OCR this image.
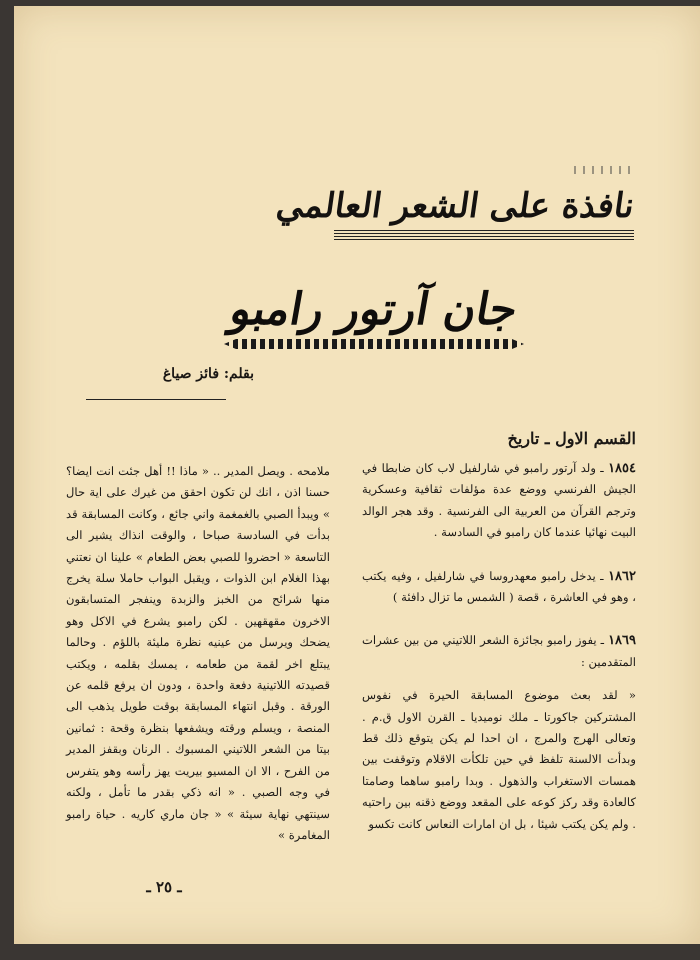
نافذة على الشعر العالمي
جان آرتور رامبو
بقلم: فائز صياغ

القسم الاول ـ تاريخ

١٨٥٤ ـ ولد آرتور رامبو في شارلفيل لاب كان ضابطا في الجيش الفرنسي ووضع عدة مؤلفات ثقافية وعسكرية وترجم القرآن من العربية الى الفرنسية . وقد هجر الوالد البيت نهائيا عندما كان رامبو في السادسة .

١٨٦٢ ـ يدخل رامبو معهدروسا في شارلفيل ، وفيه يكتب ، وهو في العاشرة ، قصة ( الشمس ما تزال دافئة )

١٨٦٩ ـ يفوز رامبو بجائزة الشعر اللاتيني من بين عشرات المتقدمين :

« لقد بعث موضوع المسابقة الحيرة في نفوس المشتركين جاكورتا ـ ملك نوميديا ـ القرن الاول ق.م . وتعالى الهرج والمرج ، ان احدا لم يكن يتوقع ذلك قط وبدأت الالسنة تلفظ في حين تلكأت الاقلام وتوقفت بين همسات الاستغراب والذهول . وبدا رامبو ساهما وصامتا كالعادة وقد ركز كوعه على المقعد ووضع ذقنه بين راحتيه . ولم يكن يكتب شيئا ، بل ان امارات النعاس كانت تكسو

ملامحه . ويصل المدير .. « ماذا !! أهل جئت انت ايضا؟ حسنا اذن ، انك لن تكون احقق من غيرك على اية حال » ويبدأ الصبي بالغمغمة واني جائع ، وكانت المسابقة قد بدأت في السادسة صباحا ، والوقت انذاك يشير الى التاسعة « احضروا للصبي بعض الطعام » علينا ان نعتني بهذا الغلام ابن الذوات ، ويقبل البواب حاملا سلة يخرج منها شرائح من الخبز والزبدة وينفجر المتسابقون الاخرون مقهقهين . لكن رامبو يشرع في الاكل وهو يضحك ويرسل من عينيه نظرة مليئة باللؤم . وحالما يبتلع اخر لقمة من طعامه ، يمسك بقلمه ، ويكتب قصيدته اللاتينية دفعة واحدة ، ودون ان يرفع قلمه عن الورقة . وقبل انتهاء المسابقة بوقت طويل يذهب الى المنصة ، ويسلم ورقته ويشفعها بنظرة وقحة : ثمانين بيتا من الشعر اللاتيني المسبوك . الرنان وبقفز المدير من الفرح ، الا ان المسيو بيريت يهز رأسه وهو يتفرس في وجه الصبي . « انه ذكي بقدر ما تأمل ، ولكنه سينتهي نهاية سيئة » « جان ماري كاريه . حياة رامبو المغامرة »

ـ ٢٥ ـ
